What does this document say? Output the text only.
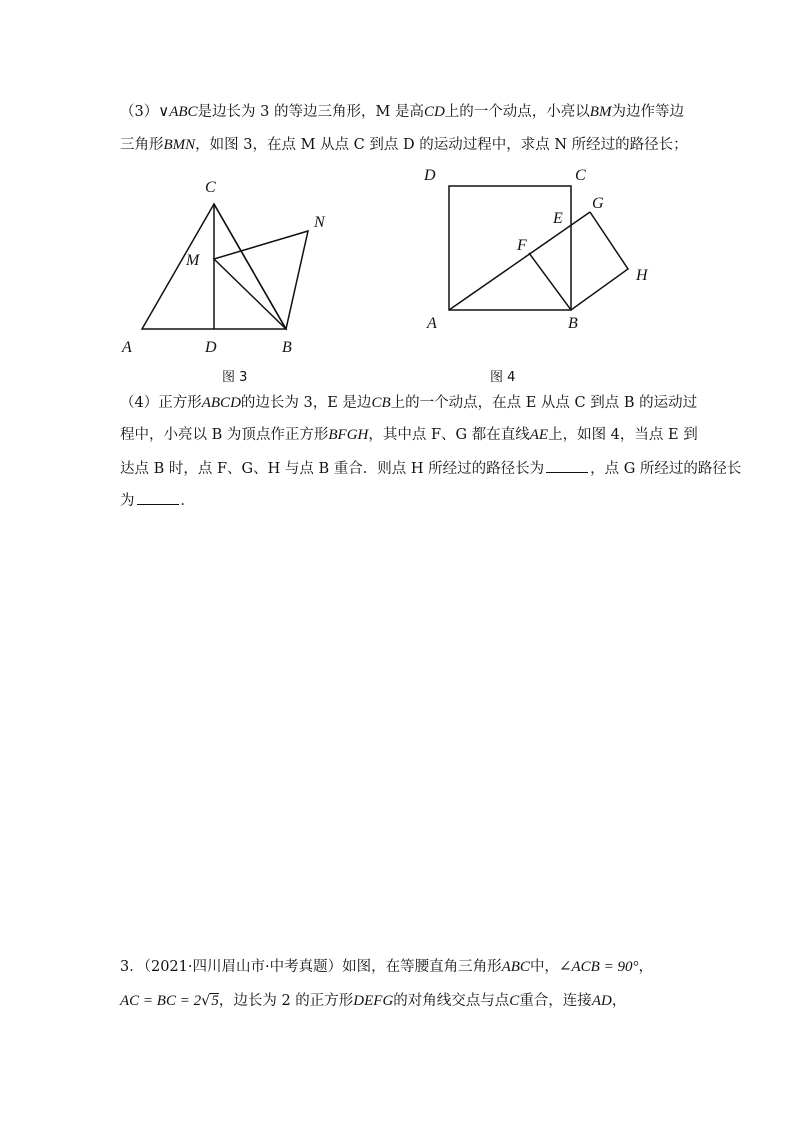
（3）∨ABC是边长为 3 的等边三角形，M 是高CD上的一个动点，小亮以BM为边作等边
三角形BMN，如图 3，在点 M 从点 C 到点 D 的运动过程中，求点 N 所经过的路径长；
C
N
M
A	D	B
图 3
D	C
G
E
F
H
A	B
图 4
（4）正方形ABCD的边长为 3，E 是边CB上的一个动点，在点 E 从点 C 到点 B 的运动过
程中，小亮以 B 为顶点作正方形BFGH，其中点 F、G 都在直线AE上，如图 4，当点 E 到
达点 B 时，点 F、G、H 与点 B 重合．则点 H 所经过的路径长为	，点 G 所经过的路径长
为	．
3．（2021·四川眉山市·中考真题）如图，在等腰直角三角形ABC中，∠ACB = 90°，
AC = BC = 2√5，边长为 2 的正方形DEFG的对角线交点与点C重合，连接AD，
